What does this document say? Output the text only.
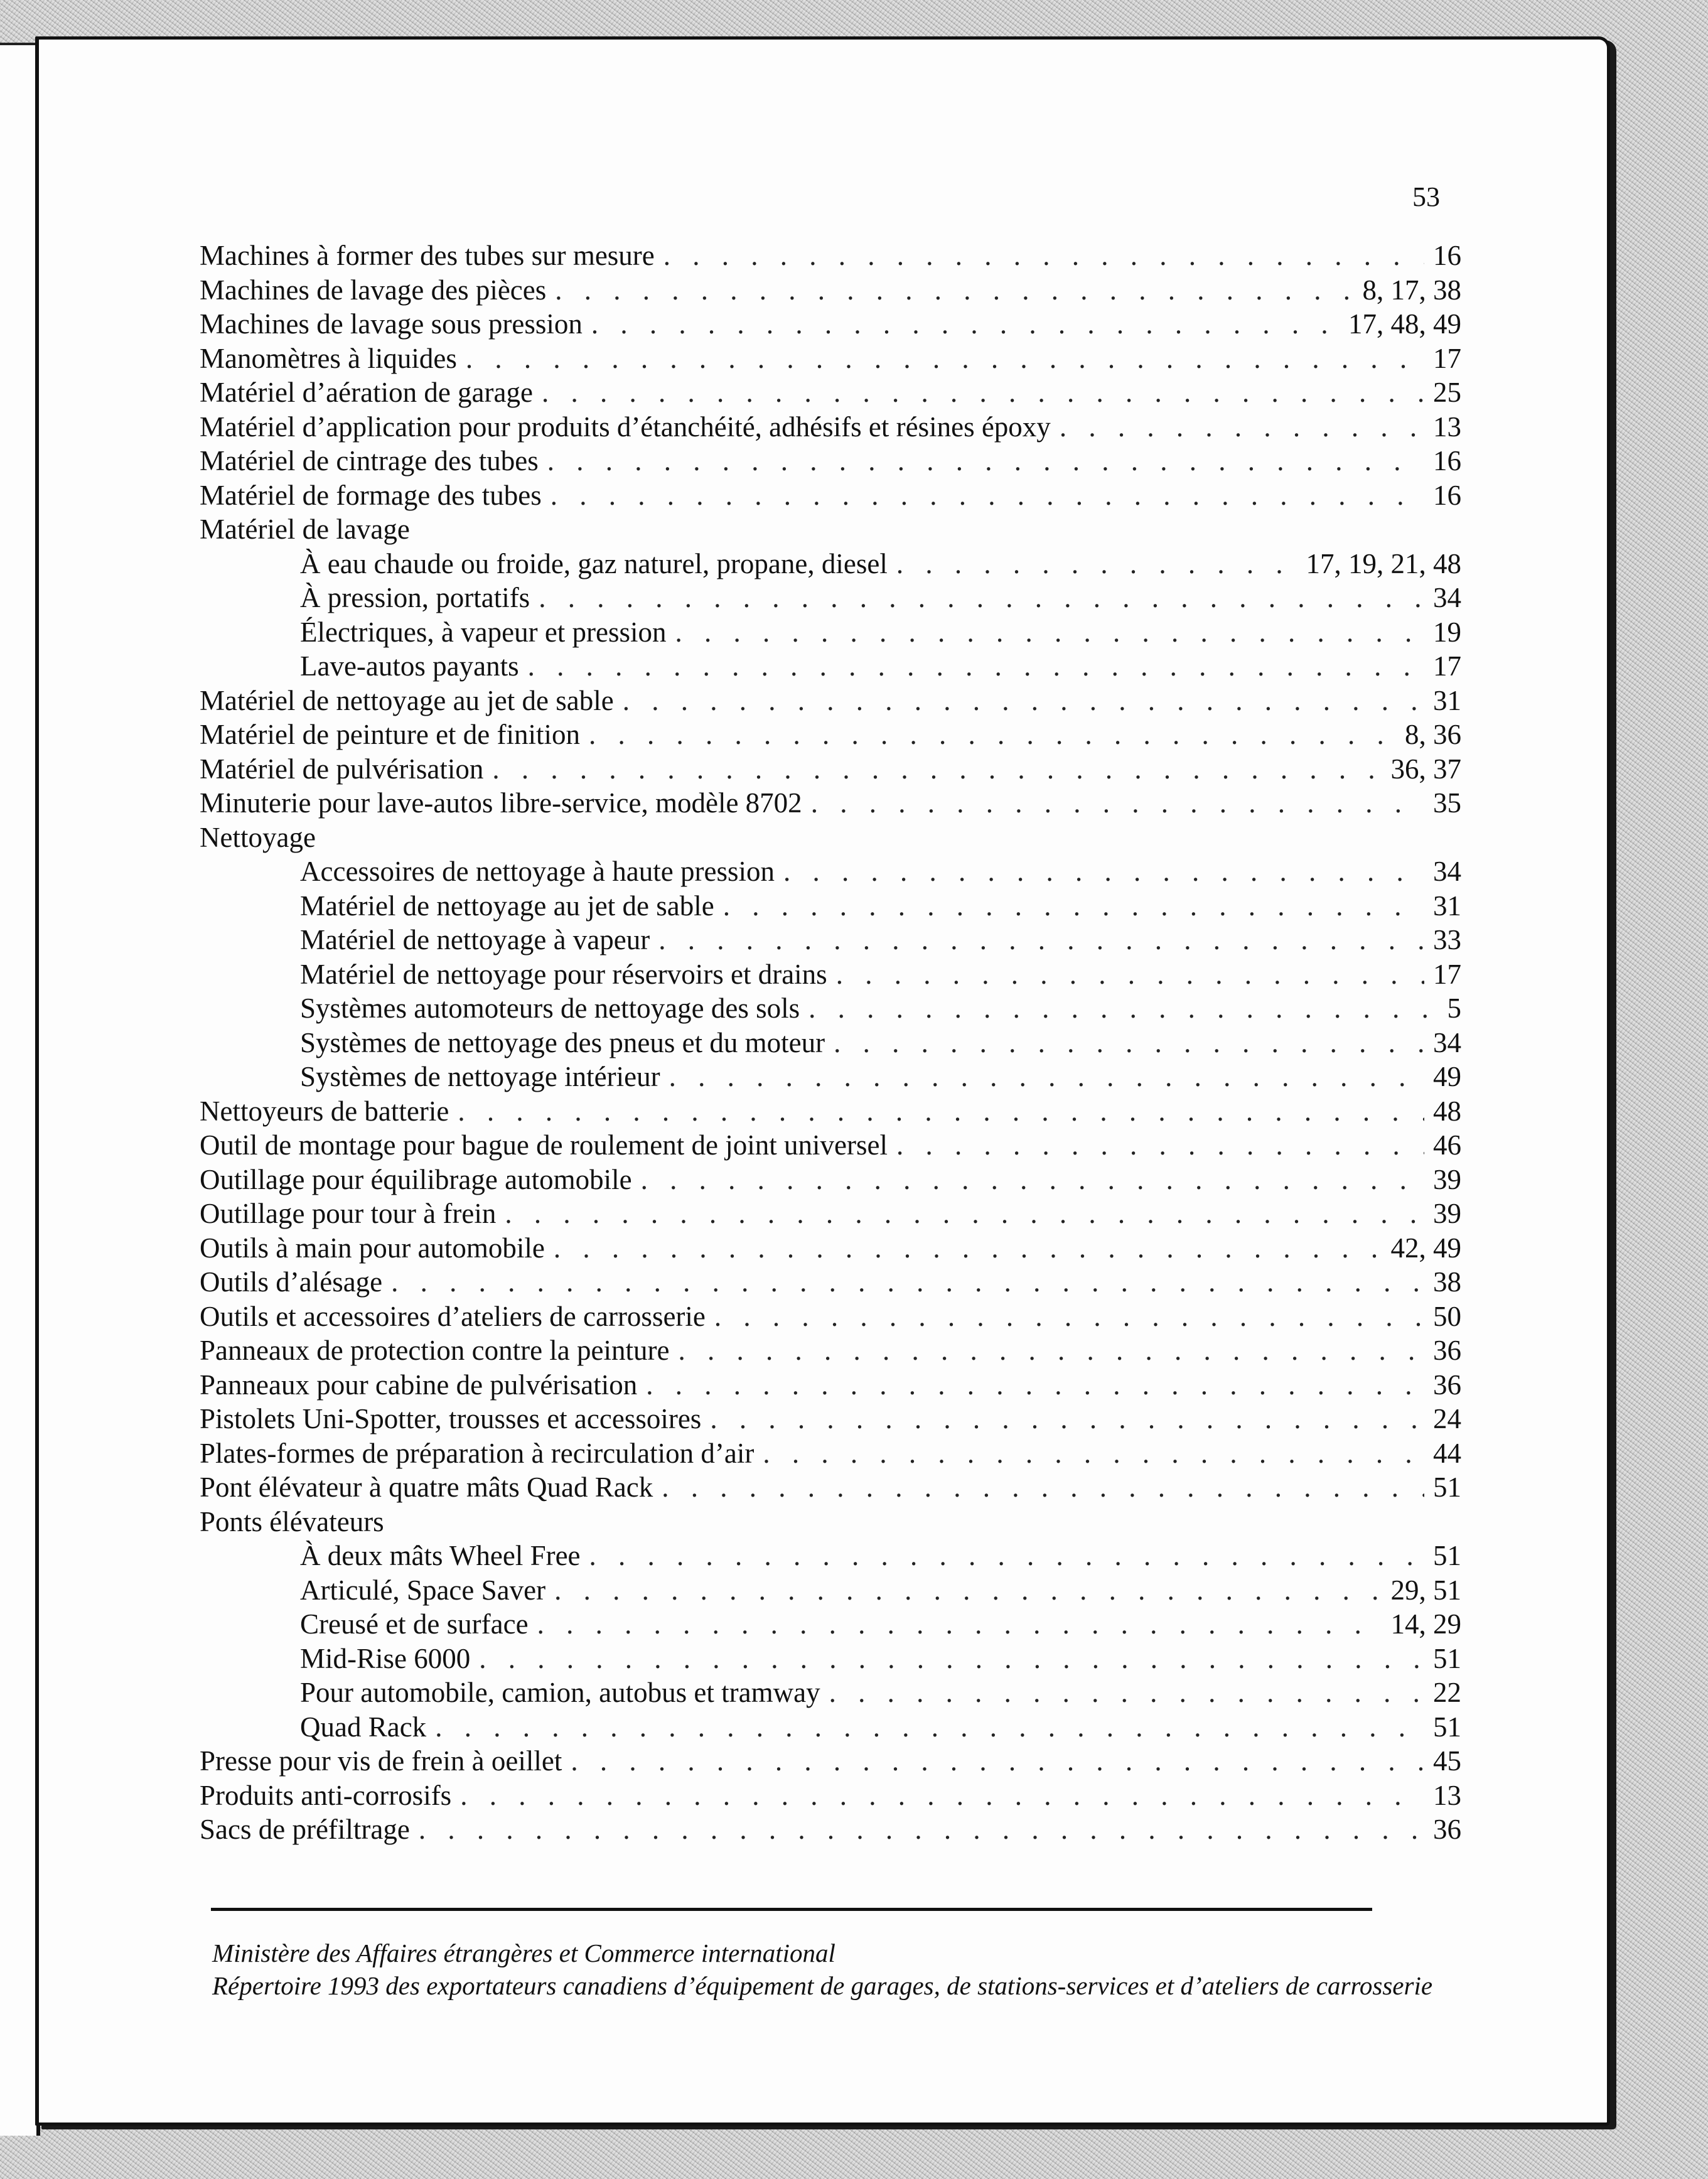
53
Machines à former des tubes sur mesure . . .	16
Machines de lavage des pièces . . .	8, 17, 38
Machines de lavage sous pression . . .	17, 48, 49
Manomètres à liquides . . .	17
Matériel d’aération de garage . . .	25
Matériel d’application pour produits d’étanchéité, adhésifs et résines époxy . . .	13
Matériel de cintrage des tubes . . .	16
Matériel de formage des tubes . . .	16
Matériel de lavage
À eau chaude ou froide, gaz naturel, propane, diesel . . .	17, 19, 21, 48
À pression, portatifs . . .	34
Électriques, à vapeur et pression . . .	19
Lave-autos payants . . .	17
Matériel de nettoyage au jet de sable . . .	31
Matériel de peinture et de finition . . .	8, 36
Matériel de pulvérisation . . .	36, 37
Minuterie pour lave-autos libre-service, modèle 8702 . . .	35
Nettoyage
Accessoires de nettoyage à haute pression . . .	34
Matériel de nettoyage au jet de sable . . .	31
Matériel de nettoyage à vapeur . . .	33
Matériel de nettoyage pour réservoirs et drains . . .	17
Systèmes automoteurs de nettoyage des sols . . .	5
Systèmes de nettoyage des pneus et du moteur . . .	34
Systèmes de nettoyage intérieur . . .	49
Nettoyeurs de batterie . . .	48
Outil de montage pour bague de roulement de joint universel . . .	46
Outillage pour équilibrage automobile . . .	39
Outillage pour tour à frein . . .	39
Outils à main pour automobile . . .	42, 49
Outils d’alésage . . .	38
Outils et accessoires d’ateliers de carrosserie . . .	50
Panneaux de protection contre la peinture . . .	36
Panneaux pour cabine de pulvérisation . . .	36
Pistolets Uni-Spotter, trousses et accessoires . . .	24
Plates-formes de préparation à recirculation d’air . . .	44
Pont élévateur à quatre mâts Quad Rack . . .	51
Ponts élévateurs
À deux mâts Wheel Free . . .	51
Articulé, Space Saver . . .	29, 51
Creusé et de surface . . .	14, 29
Mid-Rise 6000 . . .	51
Pour automobile, camion, autobus et tramway . . .	22
Quad Rack . . .	51
Presse pour vis de frein à oeillet . . .	45
Produits anti-corrosifs . . .	13
Sacs de préfiltrage . . .	36
Ministère des Affaires étrangères et Commerce international
Répertoire 1993 des exportateurs canadiens d’équipement de garages, de stations-services et d’ateliers de carrosserie
